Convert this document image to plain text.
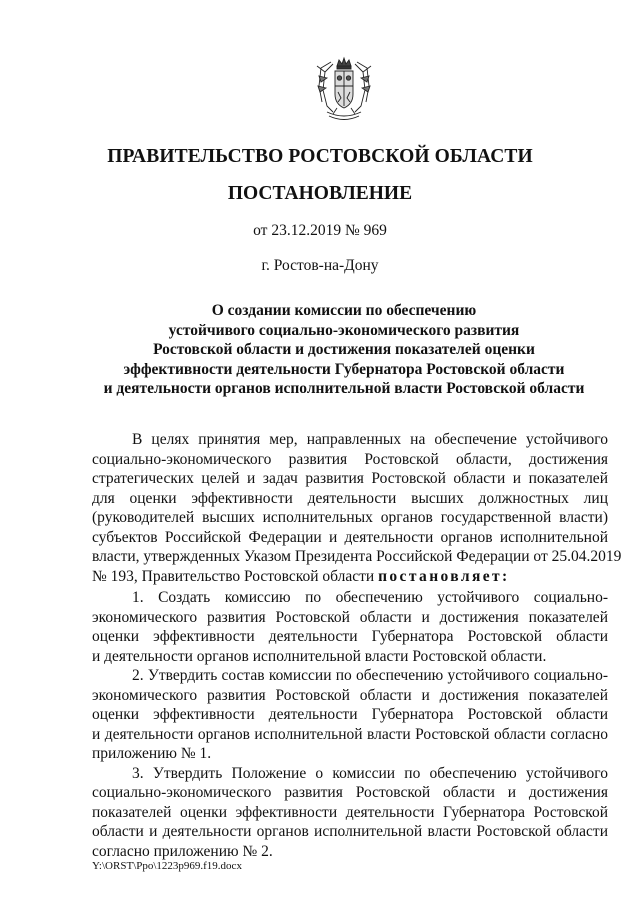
ПРАВИТЕЛЬСТВО РОСТОВСКОЙ ОБЛАСТИ
ПОСТАНОВЛЕНИЕ
от 23.12.2019 № 969
г. Ростов-на-Дону
О создании комиссии по обеспечению
устойчивого социально-экономического развития
Ростовской области и достижения показателей оценки
эффективности деятельности Губернатора Ростовской области
и деятельности органов исполнительной власти Ростовской области
В целях принятия мер, направленных на обеспечение устойчивого
социально-экономического развития Ростовской области, достижения
стратегических целей и задач развития Ростовской области и показателей
для оценки эффективности деятельности высших должностных лиц
(руководителей высших исполнительных органов государственной власти)
субъектов Российской Федерации и деятельности органов исполнительной
власти, утвержденных Указом Президента Российской Федерации от 25.04.2019
№ 193, Правительство Ростовской области постановляет:
1. Создать комиссию по обеспечению устойчивого социально-
экономического развития Ростовской области и достижения показателей
оценки эффективности деятельности Губернатора Ростовской области
и деятельности органов исполнительной власти Ростовской области.
2. Утвердить состав комиссии по обеспечению устойчивого социально-
экономического развития Ростовской области и достижения показателей
оценки эффективности деятельности Губернатора Ростовской области
и деятельности органов исполнительной власти Ростовской области согласно
приложению № 1.
3. Утвердить Положение о комиссии по обеспечению устойчивого
социально-экономического развития Ростовской области и достижения
показателей оценки эффективности деятельности Губернатора Ростовской
области и деятельности органов исполнительной власти Ростовской области
согласно приложению № 2.
Y:\ORST\Ppo\1223p969.f19.docx
